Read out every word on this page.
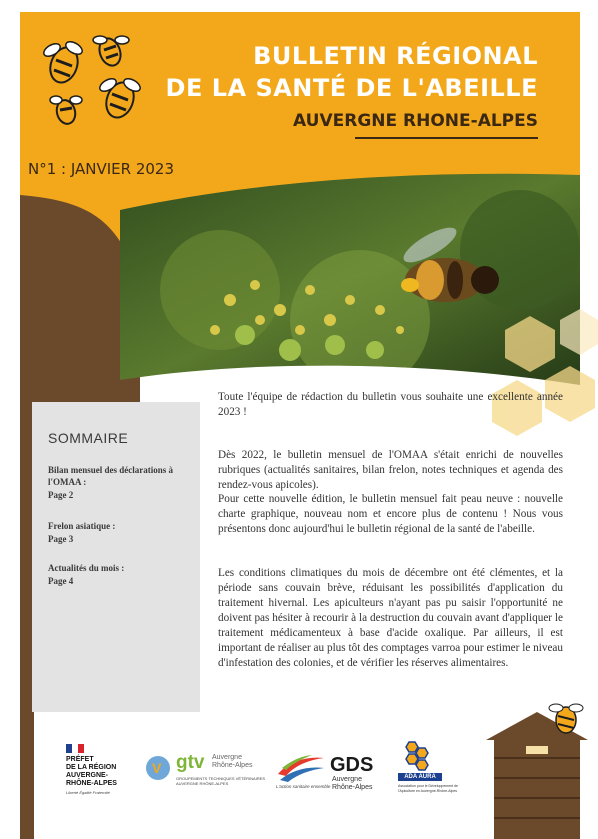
BULLETIN RÉGIONAL
DE LA SANTÉ DE L'ABEILLE
AUVERGNE RHONE-ALPES
N°1 : JANVIER 2023
SOMMAIRE
Bilan mensuel des déclarations à l'OMAA :
Page 2
Frelon asiatique :
Page 3
Actualités du mois :
Page 4
Toute l'équipe de rédaction du bulletin vous souhaite une excellente année 2023 !
Dès 2022, le bulletin mensuel de l'OMAA s'était enrichi de nouvelles rubriques (actualités sanitaires, bilan frelon, notes techniques et agenda des rendez-vous apicoles).
Pour cette nouvelle édition, le bulletin mensuel fait peau neuve : nouvelle charte graphique, nouveau nom et encore plus de contenu ! Nous vous présentons donc aujourd'hui le bulletin régional de la santé de l'abeille.
Les conditions climatiques du mois de décembre ont été clémentes, et la période sans couvain brève, réduisant les possibilités d'application du traitement hivernal. Les apiculteurs n'ayant pas pu saisir l'opportunité ne doivent pas hésiter à recourir à la destruction du couvain avant d'appliquer le traitement médicamenteux à base d'acide oxalique. Par ailleurs, il est important de réaliser au plus tôt des comptages varroa pour estimer le niveau d'infestation des colonies, et de vérifier les réserves alimentaires.
PRÉFET
DE LA RÉGION
AUVERGNE-
RHÔNE-ALPES
Liberté Égalité Fraternité
V gtv Auvergne
Rhône-Alpes
GROUPEMENTS TECHNIQUES VÉTÉRINAIRES AUVERGNE RHÔNE-ALPES
GDS
Auvergne
Rhône-Alpes
L'action sanitaire ensemble
ADA AURA
Association pour le Développement de l'Apiculture en Auvergne-Rhône-Alpes
